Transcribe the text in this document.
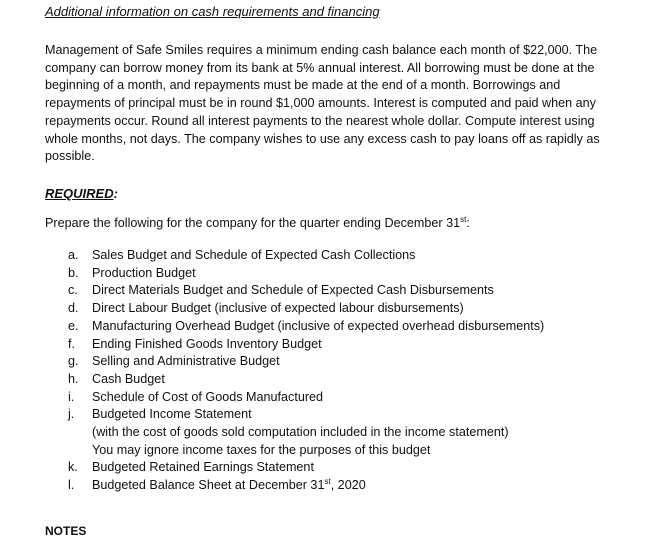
Additional information on cash requirements and financing
Management of Safe Smiles requires a minimum ending cash balance each month of $22,000. The
company can borrow money from its bank at 5% annual interest. All borrowing must be done at the
beginning of a month, and repayments must be made at the end of a month. Borrowings and
repayments of principal must be in round $1,000 amounts. Interest is computed and paid when any
repayments occur. Round all interest payments to the nearest whole dollar. Compute interest using
whole months, not days. The company wishes to use any excess cash to pay loans off as rapidly as
possible.
REQUIRED:
Prepare the following for the company for the quarter ending December 31st:
a. Sales Budget and Schedule of Expected Cash Collections
b. Production Budget
c. Direct Materials Budget and Schedule of Expected Cash Disbursements
d. Direct Labour Budget (inclusive of expected labour disbursements)
e. Manufacturing Overhead Budget (inclusive of expected overhead disbursements)
f. Ending Finished Goods Inventory Budget
g. Selling and Administrative Budget
h. Cash Budget
i. Schedule of Cost of Goods Manufactured
j. Budgeted Income Statement
(with the cost of goods sold computation included in the income statement)
You may ignore income taxes for the purposes of this budget
k. Budgeted Retained Earnings Statement
l. Budgeted Balance Sheet at December 31st, 2020
NOTES
